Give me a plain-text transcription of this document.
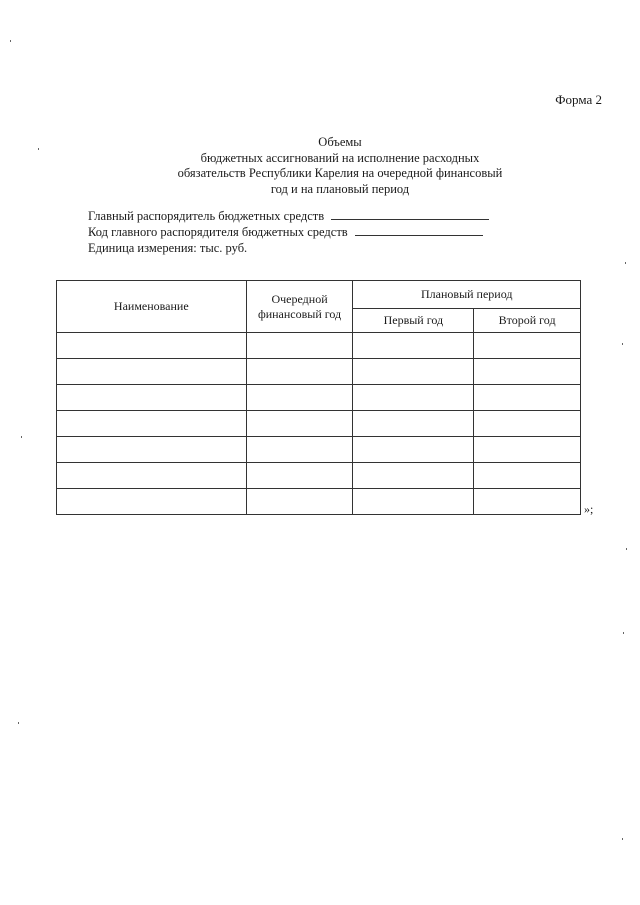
Форма 2
Объемы
бюджетных ассигнований на исполнение расходных
обязательств Республики Карелия на очередной финансовый
год и на плановый период
Главный распорядитель бюджетных средств
Код главного распорядителя бюджетных средств
Единица измерения: тыс. руб.
Наименование	Очередной финансовый год	Плановый период	
		Первый год	Второй год

»;
